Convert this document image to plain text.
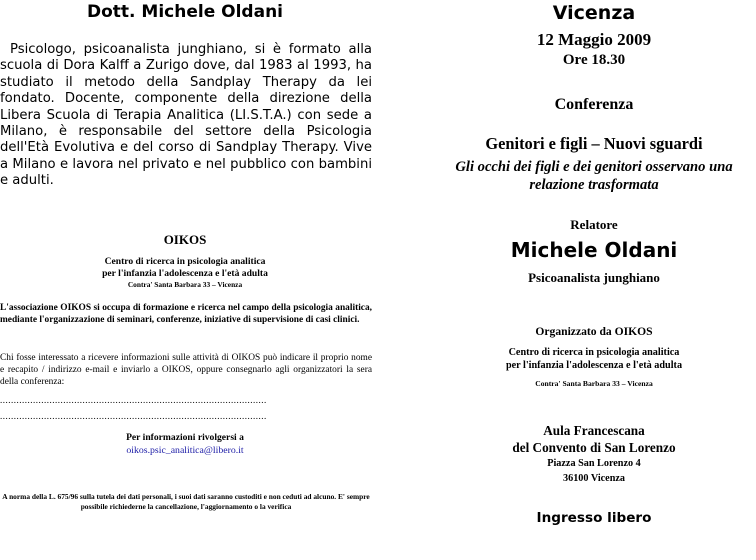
Dott. Michele Oldani
Psicologo, psicoanalista junghiano, si è formato alla scuola di Dora Kalff a Zurigo dove, dal 1983 al 1993, ha studiato il metodo della Sandplay Therapy da lei fondato. Docente, componente della direzione della Libera Scuola di Terapia Analitica (LI.S.T.A.) con sede a Milano, è responsabile del settore della Psicologia dell'Età Evolutiva e del corso di Sandplay Therapy. Vive a Milano e lavora nel privato e nel pubblico con bambini e adulti.
OIKOS
Centro di ricerca in psicologia analitica
per l'infanzia l'adolescenza e l'età adulta
Contra' Santa Barbara 33 – Vicenza
L'associazione OIKOS si occupa di formazione e ricerca nel campo della psicologia analitica, mediante l'organizzazione di seminari, conferenze, iniziative di supervisione di casi clinici.
Chi fosse interessato a ricevere informazioni sulle attività di OIKOS può indicare il proprio nome e recapito / indirizzo e-mail e inviarlo a OIKOS, oppure consegnarlo agli organizzatori la sera della conferenza:
.................................................................................................
.................................................................................................
Per informazioni rivolgersi a
oikos.psic_analitica@libero.it
A norma della L. 675/96 sulla tutela dei dati personali, i suoi dati saranno custoditi e non ceduti ad alcuno. E' sempre possibile richiederne la cancellazione, l'aggiornamento o la verifica
Vicenza
12 Maggio 2009
Ore 18.30
Conferenza
Genitori e figli – Nuovi sguardi
Gli occhi dei figli e dei genitori osservano una relazione trasformata
Relatore
Michele Oldani
Psicoanalista junghiano
Organizzato da OIKOS
Centro di ricerca in psicologia analitica
per l'infanzia l'adolescenza e l'età adulta
Contra' Santa Barbara 33 – Vicenza
Aula Francescana
del Convento di San Lorenzo
Piazza San Lorenzo 4
36100 Vicenza
Ingresso libero
